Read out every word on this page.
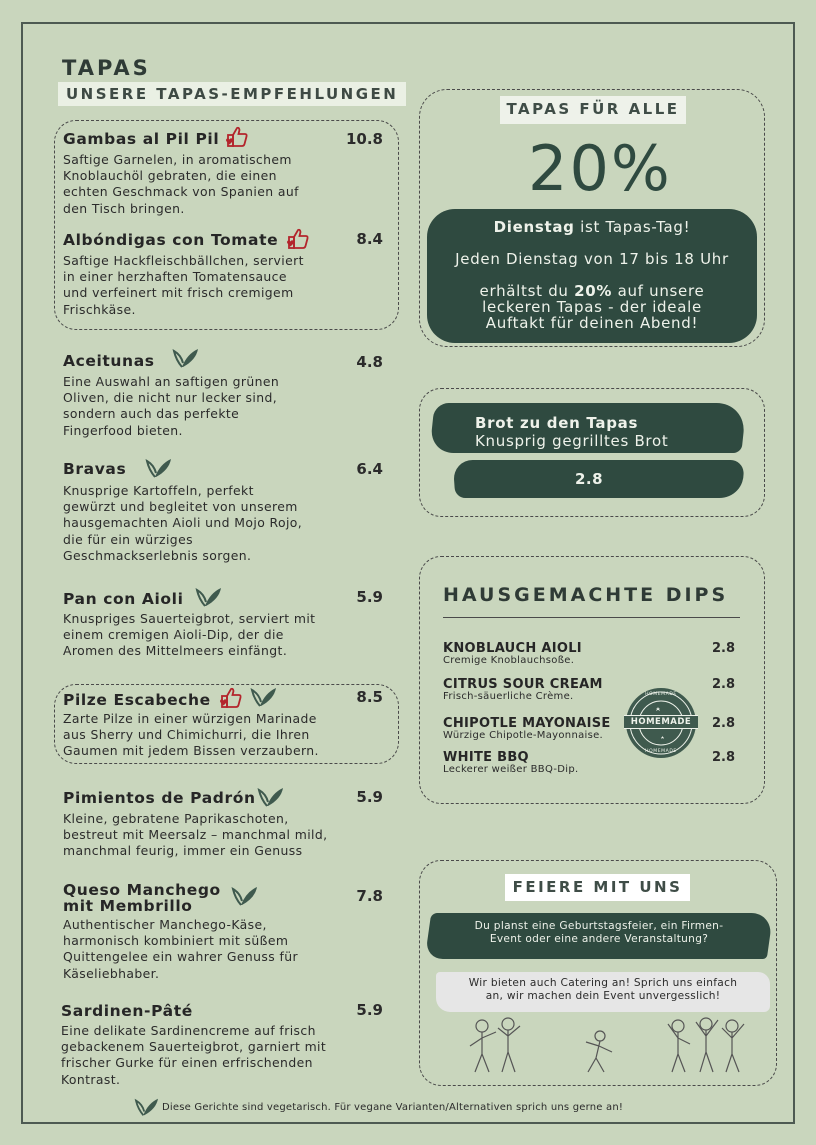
TAPAS
UNSERE TAPAS-EMPFEHLUNGEN
Gambas al Pil Pil	10.8
Saftige Garnelen, in aromatischem
Knoblauchöl gebraten, die einen
echten Geschmack von Spanien auf
den Tisch bringen.
Albóndigas con Tomate	8.4
Saftige Hackfleischbällchen, serviert
in einer herzhaften Tomatensauce
und verfeinert mit frisch cremigem
Frischkäse.
Aceitunas	4.8
Eine Auswahl an saftigen grünen
Oliven, die nicht nur lecker sind,
sondern auch das perfekte
Fingerfood bieten.
Bravas	6.4
Knusprige Kartoffeln, perfekt
gewürzt und begleitet von unserem
hausgemachten Aioli und Mojo Rojo,
die für ein würziges
Geschmackserlebnis sorgen.
Pan con Aioli	5.9
Knuspriges Sauerteigbrot, serviert mit
einem cremigen Aioli-Dip, der die
Aromen des Mittelmeers einfängt.
Pilze Escabeche	8.5
Zarte Pilze in einer würzigen Marinade
aus Sherry und Chimichurri, die Ihren
Gaumen mit jedem Bissen verzaubern.
Pimientos de Padrón	5.9
Kleine, gebratene Paprikaschoten,
bestreut mit Meersalz – manchmal mild,
manchmal feurig, immer ein Genuss
Queso Manchego
mit Membrillo
7.8
Authentischer Manchego-Käse,
harmonisch kombiniert mit süßem
Quittengelee ein wahrer Genuss für
Käseliebhaber.
Sardinen-Pâté	5.9
Eine delikate Sardinencreme auf frisch
gebackenem Sauerteigbrot, garniert mit
frischer Gurke für einen erfrischenden
Kontrast.
TAPAS FÜR ALLE
20%
Dienstag ist Tapas-Tag!
Jeden Dienstag von 17 bis 18 Uhr
erhältst du 20% auf unsere
leckeren Tapas - der ideale
Auftakt für deinen Abend!
Brot zu den Tapas
Knusprig gegrilltes Brot
2.8
HAUSGEMACHTE DIPS
KNOBLAUCH AIOLI
Cremige Knoblauchsoße.
2.8
CITRUS SOUR CREAM
Frisch-säuerliche Crème.
2.8
CHIPOTLE MAYONAISE
Würzige Chipotle-Mayonnaise.
2.8
WHITE BBQ
Leckerer weißer BBQ-Dip.
2.8
HOMEMADE
HOMEMADE
HOMEMADE
FEIERE MIT UNS
Du planst eine Geburtstagsfeier, ein Firmen-
Event oder eine andere Veranstaltung?
Wir bieten auch Catering an! Sprich uns einfach
an, wir machen dein Event unvergesslich!
Diese Gerichte sind vegetarisch. Für vegane Varianten/Alternativen sprich uns gerne an!
